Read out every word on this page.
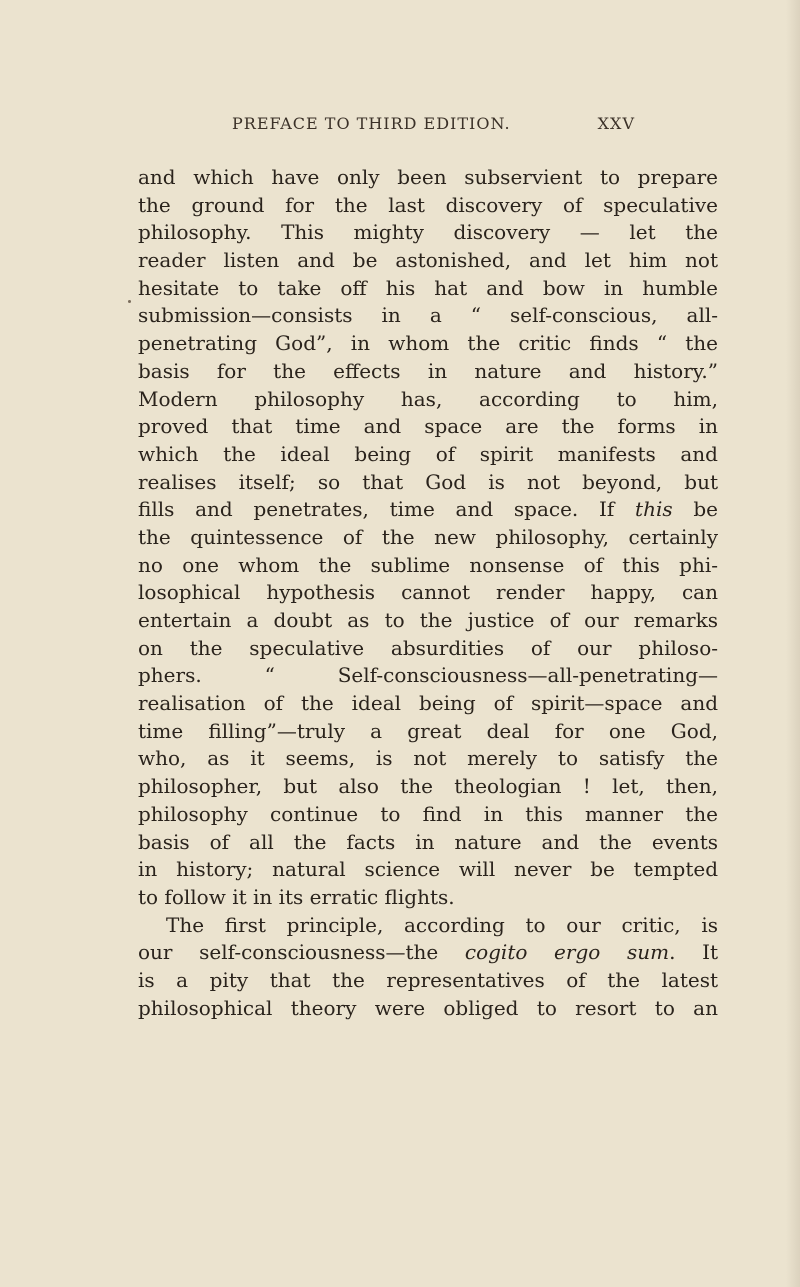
PREFACE TO THIRD EDITION.	XXV
and which have only been subservient to prepare
the ground for the last discovery of speculative
philosophy. This mighty discovery — let the
reader listen and be astonished, and let him not
hesitate to take off his hat and bow in humble
submission—consists in a “ self-conscious, all-
penetrating God”, in whom the critic finds “ the
basis for the effects in nature and history.”
Modern philosophy has, according to him,
proved that time and space are the forms in
which the ideal being of spirit manifests and
realises itself; so that God is not beyond, but
fills and penetrates, time and space. If this be
the quintessence of the new philosophy, certainly
no one whom the sublime nonsense of this phi-
losophical hypothesis cannot render happy, can
entertain a doubt as to the justice of our remarks
on the speculative absurdities of our philoso-
phers. “ Self-consciousness—all-penetrating—
realisation of the ideal being of spirit—space and
time filling”—truly a great deal for one God,
who, as it seems, is not merely to satisfy the
philosopher, but also the theologian ! let, then,
philosophy continue to find in this manner the
basis of all the facts in nature and the events
in history; natural science will never be tempted
to follow it in its erratic flights.
The first principle, according to our critic, is
our self-consciousness—the cogito ergo sum. It
is a pity that the representatives of the latest
philosophical theory were obliged to resort to an
